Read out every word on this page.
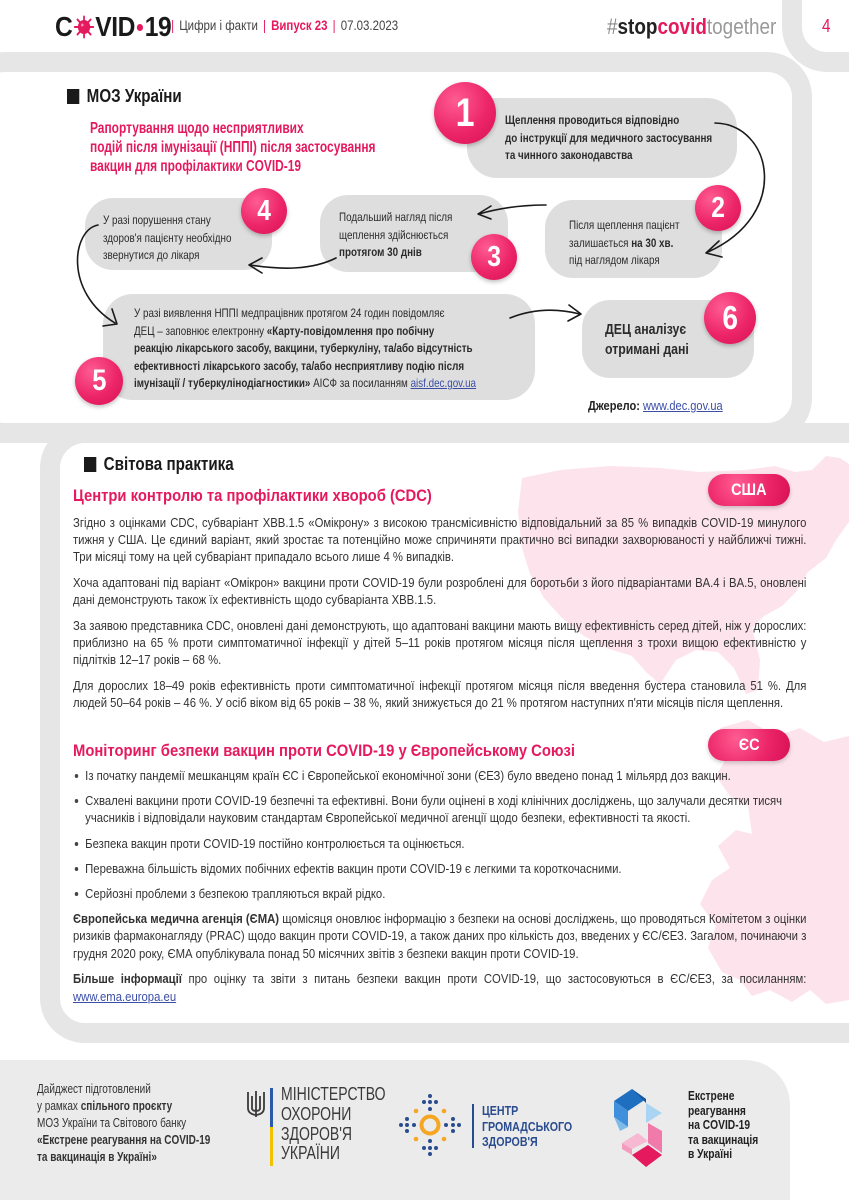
C VID 19 | Цифри і факти | Випуск 23 | 07.03.2023	#stopcovidtogether	4
МОЗ України
Рапортування щодо несприятливих
подій після імунізації (НППІ) після застосування
вакцин для профілактики COVID-19
Щеплення проводиться відповідно
до інструкції для медичного застосування
та чинного законодавства
Після щеплення пацієнт
залишається на 30 хв.
під наглядом лікаря
Подальший нагляд після
щеплення здійснюється
протягом 30 днів
У разі порушення стану
здоров'я пацієнту необхідно
звернутися до лікаря
У разі виявлення НППІ медпрацівник протягом 24 годин повідомляє
ДЕЦ – заповнює електронну «Карту-повідомлення про побічну
реакцію лікарського засобу, вакцини, туберкуліну, та/або відсутність
ефективності лікарського засобу, та/або несприятливу подію після
імунізації / туберкулінодіагностики» АІСФ за посиланням aisf.dec.gov.ua
ДЕЦ аналізує
отримані дані
1
2
3
4
5
6
Джерело: www.dec.gov.ua
Світова практика
США
Центри контролю та профілактики хвороб (CDC)

Згідно з оцінками CDC, субваріант XBB.1.5 «Омікрону» з високою трансмісивністю відповідальний за 85 % випадків COVID-19 минулого тижня у США. Це єдиний варіант, який зростає та потенційно може спричиняти практично всі випадки захворюваності у найближчі тижні. Три місяці тому на цей субваріант припадало всього лише 4 % випадків.

Хоча адаптовані під варіант «Омікрон» вакцини проти COVID-19 були розроблені для боротьби з його підваріантами BA.4 і BA.5, оновлені дані демонструють також їх ефективність щодо субваріанта XBB.1.5.

За заявою представника CDC, оновлені дані демонструють, що адаптовані вакцини мають вищу ефективність серед дітей, ніж у дорослих: приблизно на 65 % проти симптоматичної інфекції у дітей 5–11 років протягом місяця після щеплення з трохи вищою ефективністю у підлітків 12–17 років – 68 %.

Для дорослих 18–49 років ефективність проти симптоматичної інфекції протягом місяця після введення бустера становила 51 %. Для людей 50–64 років – 46 %. У осіб віком від 65 років – 38 %, який знижується до 21 % протягом наступних п'яти місяців після щеплення.

ЄС
Моніторинг безпеки вакцин проти COVID-19 у Європейському Союзі
Із початку пандемії мешканцям країн ЄС і Європейської економічної зони (ЄЕЗ) було введено понад 1 мільярд доз вакцин.
Схвалені вакцини проти COVID-19 безпечні та ефективні. Вони були оцінені в ході клінічних досліджень, що залучали десятки тисяч учасників і відповідали науковим стандартам Європейської медичної агенції щодо безпеки, ефективності та якості.
Безпека вакцин проти COVID-19 постійно контролюється та оцінюється.
Переважна більшість відомих побічних ефектів вакцин проти COVID-19 є легкими та короткочасними.
Серйозні проблеми з безпекою трапляються вкрай рідко.

Європейська медична агенція (ЄМА) щомісяця оновлює інформацію з безпеки на основі досліджень, що проводяться Комітетом з оцінки ризиків фармаконагляду (PRAC) щодо вакцин проти COVID-19, а також даних про кількість доз, введених у ЄС/ЄЕЗ. Загалом, починаючи з грудня 2020 року, ЄМА опублікувала понад 50 місячних звітів з безпеки вакцин проти COVID-19.

Більше інформації про оцінку та звіти з питань безпеки вакцин проти COVID-19, що застосовуються в ЄС/ЄЕЗ, за посиланням: www.ema.europa.eu

Дайджест підготовлений
у рамках спільного проєкту
МОЗ України та Світового банку
«Екстрене реагування на COVID-19
та вакцинація в Україні»
МІНІСТЕРСТВО
ОХОРОНИ
ЗДОРОВ'Я
УКРАЇНИ
ЦЕНТР
ГРОМАДСЬКОГО
ЗДОРОВ'Я
Екстрене
реагування
на COVID-19
та вакцинація
в Україні
